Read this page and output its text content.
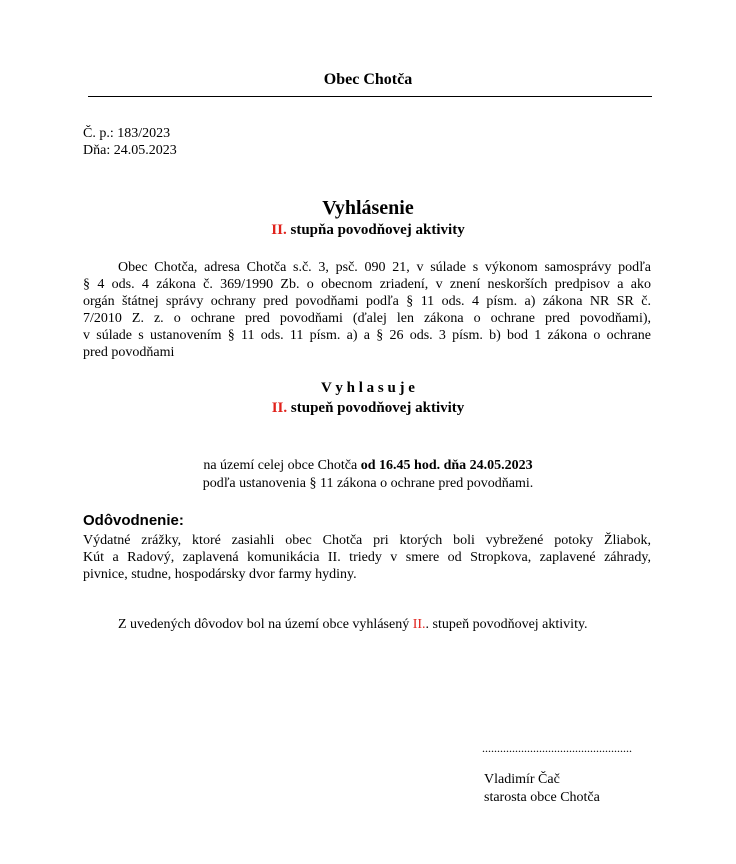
Obec Chotča
Č. p.: 183/2023
Dňa: 24.05.2023
Vyhlásenie
II. stupňa povodňovej aktivity
Obec Chotča, adresa Chotča s.č. 3, psč. 090 21, v súlade s výkonom samosprávy podľa
§ 4 ods. 4 zákona č. 369/1990 Zb. o obecnom zriadení, v znení neskorších predpisov a ako
orgán štátnej správy ochrany pred povodňami podľa § 11 ods. 4 písm. a) zákona NR SR č.
7/2010 Z. z. o ochrane pred povodňami (ďalej len zákona o ochrane pred povodňami),
v súlade s ustanovením § 11 ods. 11 písm. a) a § 26 ods. 3 písm. b) bod 1 zákona o ochrane
pred povodňami
V y h l a s u j e
II. stupeň povodňovej aktivity
na území celej obce Chotča od 16.45 hod. dňa 24.05.2023
podľa ustanovenia § 11 zákona o ochrane pred povodňami.
Odôvodnenie:
Výdatné zrážky, ktoré zasiahli obec Chotča pri ktorých boli vybrežené potoky Žliabok,
Kút a Radový, zaplavená komunikácia II. triedy v smere od Stropkova, zaplavené záhrady,
pivnice, studne, hospodársky dvor farmy hydiny.
Z uvedených dôvodov bol na území obce vyhlásený II.. stupeň povodňovej aktivity.
..................................................
Vladimír Čač
starosta obce Chotča
